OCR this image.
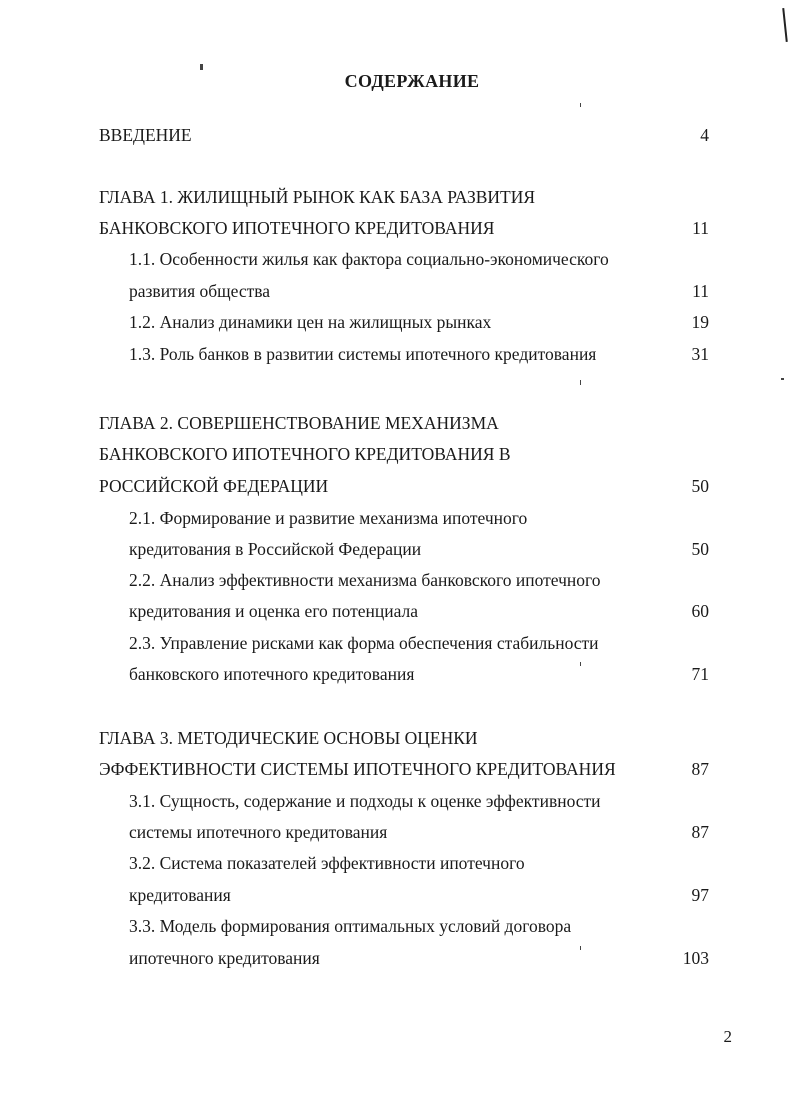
СОДЕРЖАНИЕ
ВВЕДЕНИЕ	4
ГЛАВА 1. ЖИЛИЩНЫЙ РЫНОК КАК БАЗА РАЗВИТИЯ
БАНКОВСКОГО ИПОТЕЧНОГО КРЕДИТОВАНИЯ	11
1.1. Особенности жилья как фактора социально-экономического
развития общества	11
1.2. Анализ динамики цен на жилищных рынках	19
1.3. Роль банков в развитии системы ипотечного кредитования	31
ГЛАВА 2. СОВЕРШЕНСТВОВАНИЕ МЕХАНИЗМА
БАНКОВСКОГО ИПОТЕЧНОГО КРЕДИТОВАНИЯ В
РОССИЙСКОЙ ФЕДЕРАЦИИ	50
2.1. Формирование и развитие механизма ипотечного
кредитования в Российской Федерации	50
2.2. Анализ эффективности механизма банковского ипотечного
кредитования и оценка его потенциала	60
2.3. Управление рисками как форма обеспечения стабильности
банковского ипотечного кредитования	71
ГЛАВА 3. МЕТОДИЧЕСКИЕ ОСНОВЫ ОЦЕНКИ
ЭФФЕКТИВНОСТИ СИСТЕМЫ ИПОТЕЧНОГО КРЕДИТОВАНИЯ	87
3.1. Сущность, содержание и подходы к оценке эффективности
системы ипотечного кредитования	87
3.2. Система показателей эффективности ипотечного
кредитования	97
3.3. Модель формирования оптимальных условий договора
ипотечного кредитования	103
2
